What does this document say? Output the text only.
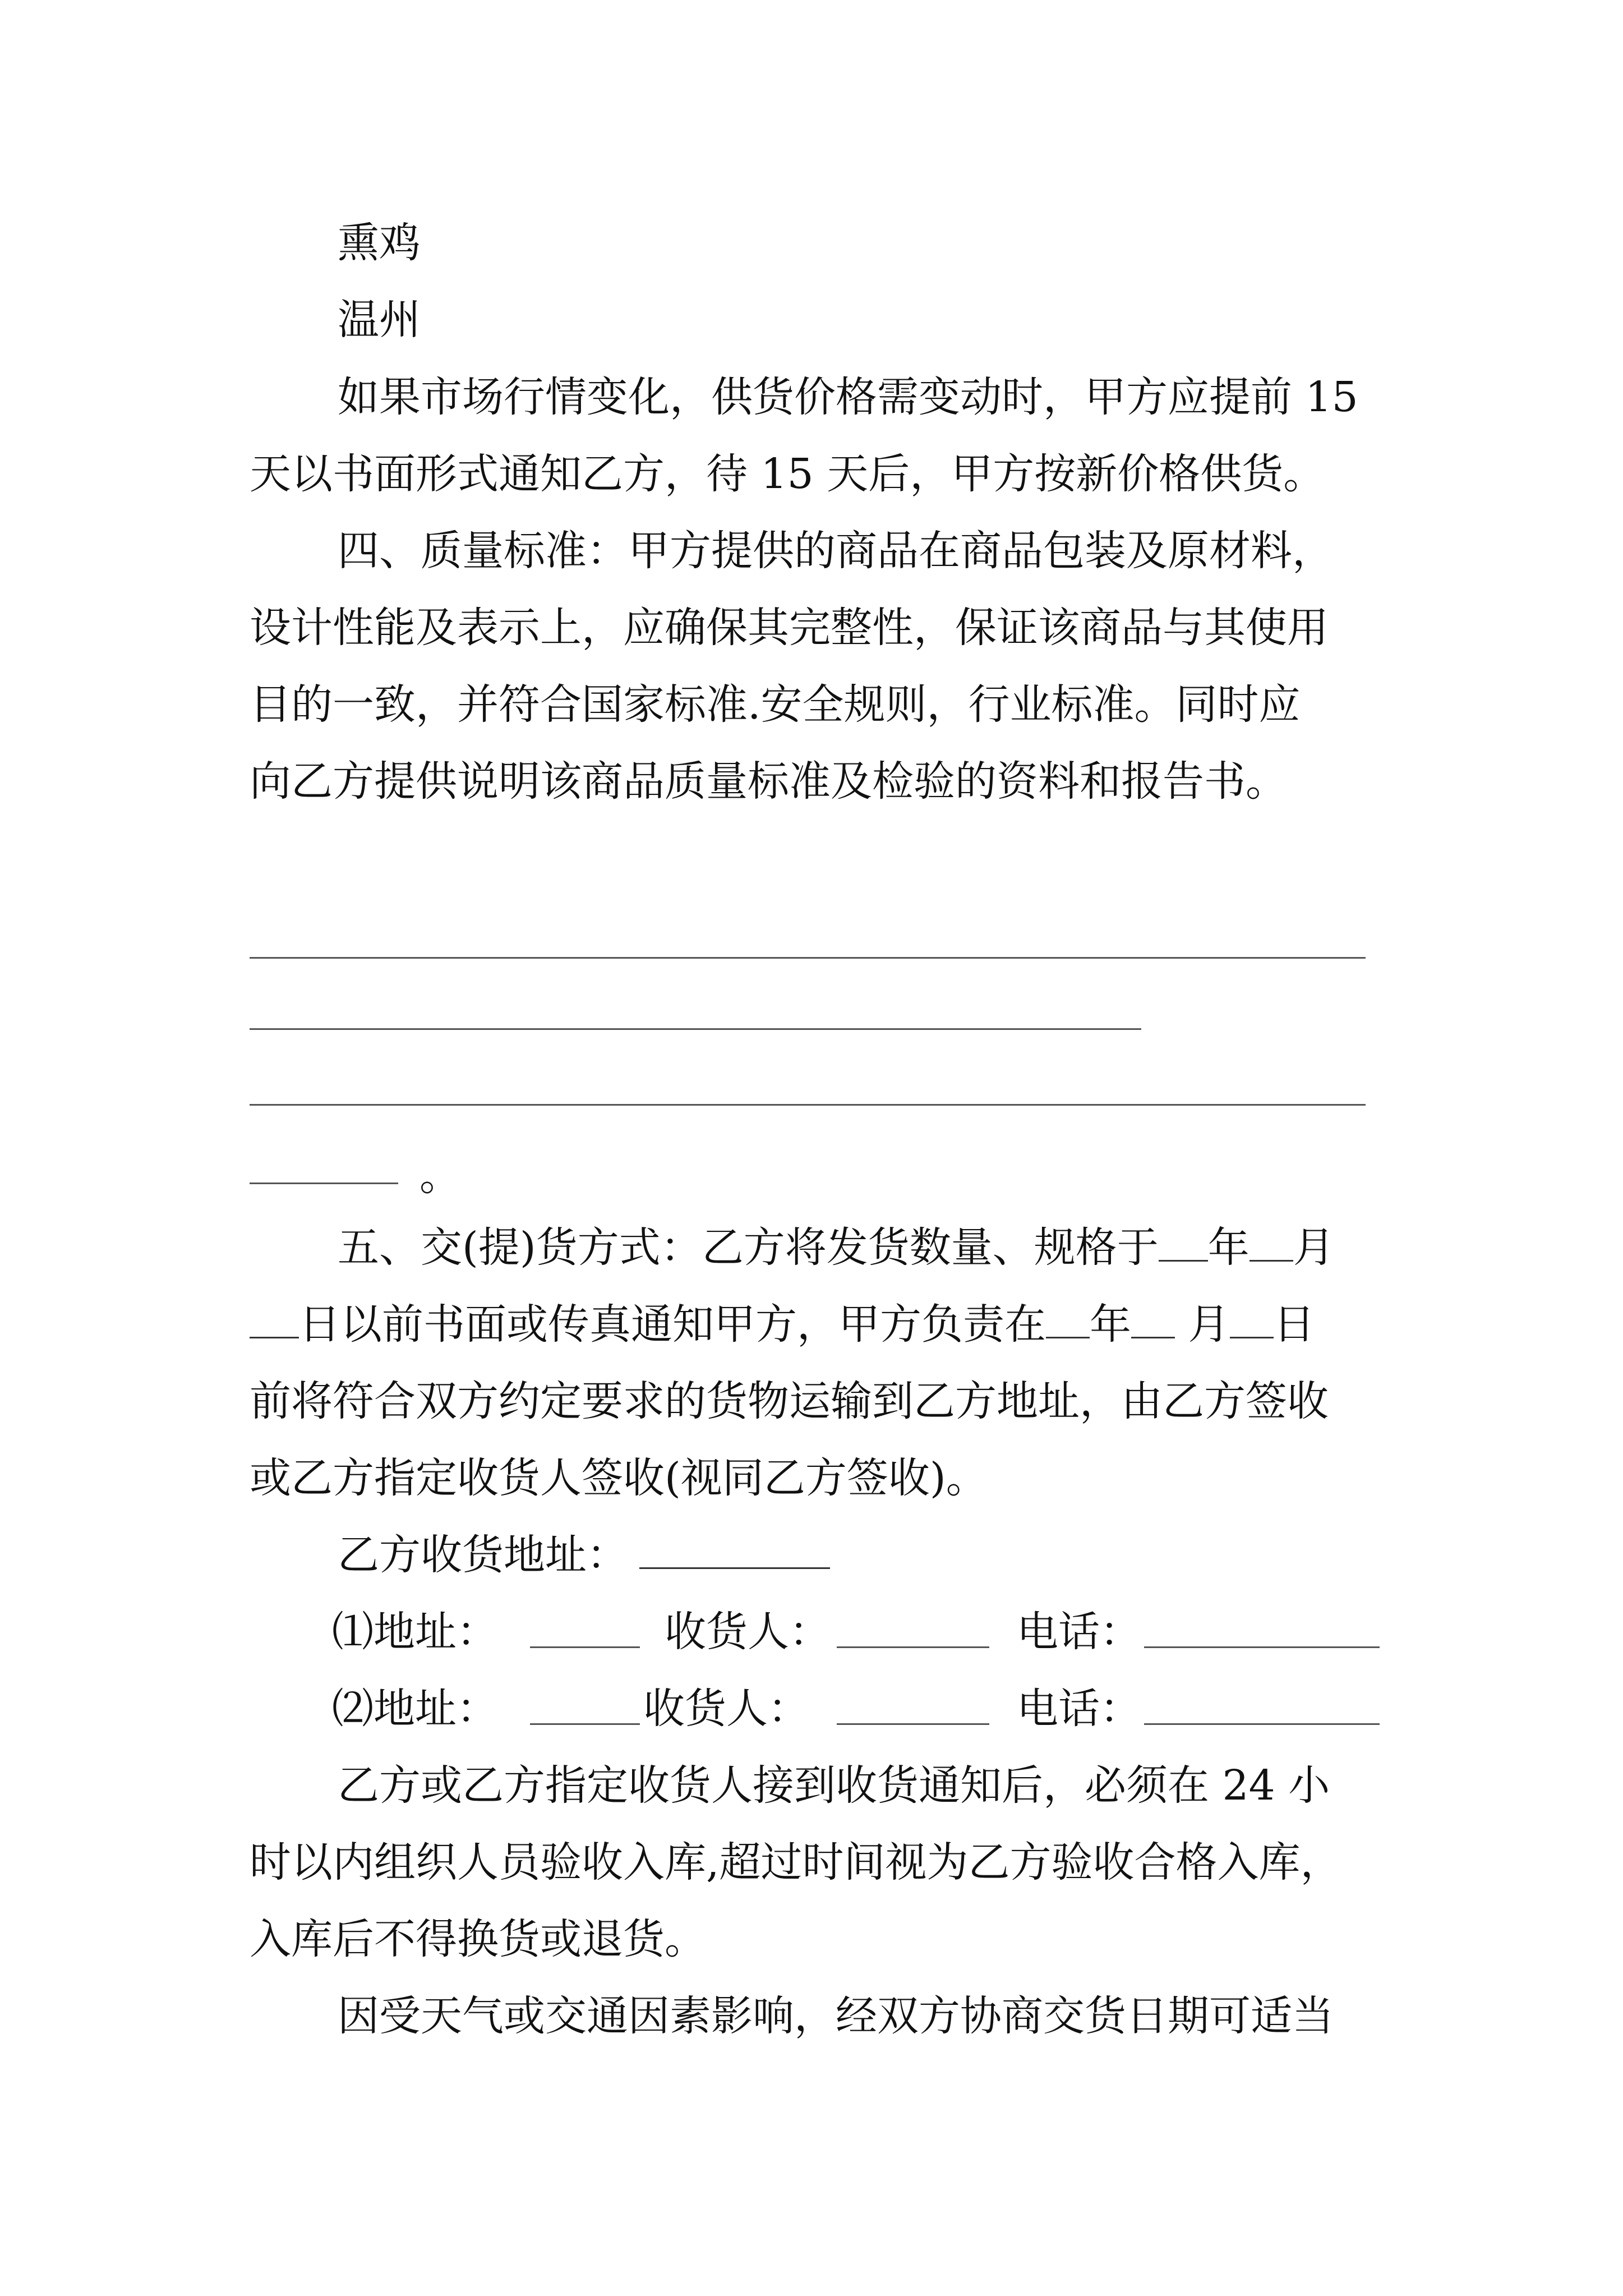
熏鸡
温州
如果市场行情变化，供货价格需变动时，甲方应提前 15
天以书面形式通知乙方，待 15 天后，甲方按新价格供货。
四、质量标准：甲方提供的商品在商品包装及原材料，
设计性能及表示上，应确保其完整性，保证该商品与其使用
目的一致，并符合国家标准.安全规则，行业标准。同时应
向乙方提供说明该商品质量标准及检验的资料和报告书。
。
五、交(提)货方式：乙方将发货数量、规格于 年 月
日以前书面或传真通知甲方，甲方负责在 年 月 日
前将符合双方约定要求的货物运输到乙方地址，由乙方签收
或乙方指定收货人签收(视同乙方签收)。
乙方收货地址：
⑴地址：	收货人：	电话：
⑵地址：	收货人：	电话：
乙方或乙方指定收货人接到收货通知后，必须在 24 小
时以内组织人员验收入库,超过时间视为乙方验收合格入库，
入库后不得换货或退货。
因受天气或交通因素影响，经双方协商交货日期可适当
